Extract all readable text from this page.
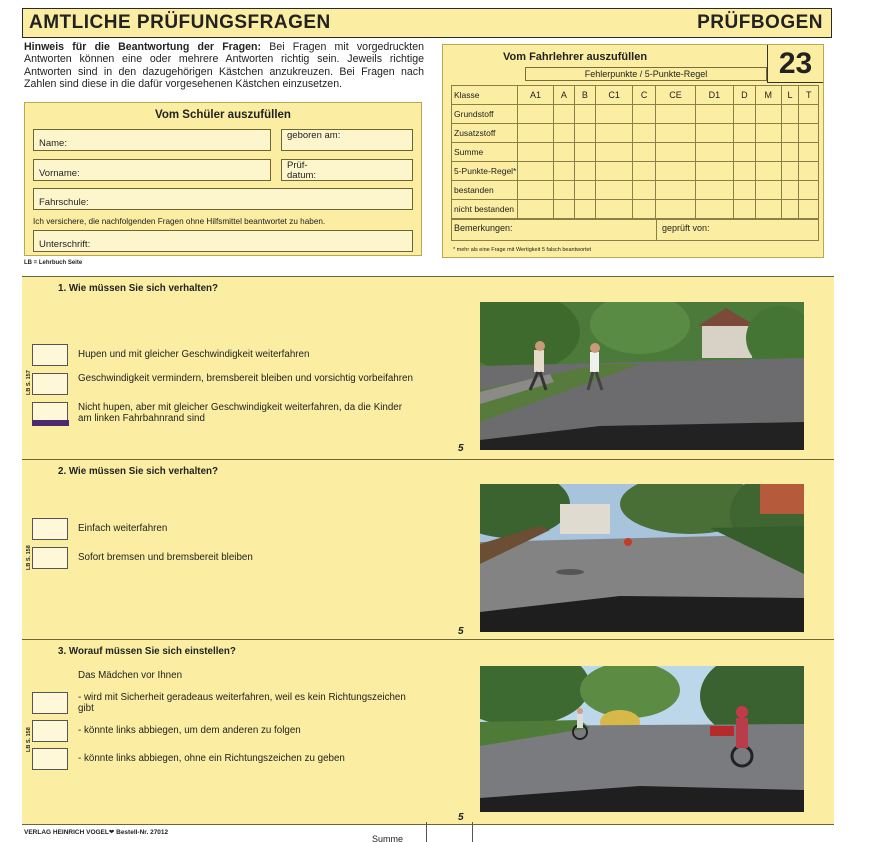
AMTLICHE PRÜFUNGSFRAGEN	PRÜFBOGEN
Hinweis für die Beantwortung der Fragen: Bei Fragen mit vorgedruckten Antworten können eine oder mehrere Antworten richtig sein. Jeweils richtige Antworten sind in den dazugehörigen Kästchen anzukreuzen. Bei Fragen nach Zahlen sind diese in die dafür vorgesehenen Kästchen einzusetzen.
Vom Schüler auszufüllen
Name:
geboren am:
Vorname:
Prüf- datum:
Fahrschule:
Ich versichere, die nachfolgenden Fragen ohne Hilfsmittel beantwortet zu haben.
Unterschrift:
LB = Lehrbuch Seite
Vom Fahrlehrer auszufüllen	23
Fehlerpunkte / 5-Punkte-Regel
Klasse	A1	A	B	C1	C	CE	D1	D	M	L	T
Grundstoff											
Zusatzstoff											
Summe											
5-Punkte-Regel*											
bestanden											
nicht bestanden											
Bemerkungen:	geprüft von:
* mehr als eine Frage mit Wertigkeit 5 falsch beantwortet
1. Wie müssen Sie sich verhalten?
LB S. 157
Hupen und mit gleicher Geschwindigkeit weiterfahren
Geschwindigkeit vermindern, bremsbereit bleiben und vorsichtig vorbeifahren
Nicht hupen, aber mit gleicher Geschwindigkeit weiterfahren, da die Kinder am linken Fahrbahnrand sind
5
2. Wie müssen Sie sich verhalten?
LB S. 158
Einfach weiterfahren
Sofort bremsen und bremsbereit bleiben
5
3. Worauf müssen Sie sich einstellen?
LB S. 158
Das Mädchen vor Ihnen
- wird mit Sicherheit geradeaus weiterfahren, weil es kein Richtungszeichen gibt
- könnte links abbiegen, um dem anderen zu folgen
- könnte links abbiegen, ohne ein Richtungszeichen zu geben
5
VERLAG HEINRICH VOGEL❤ Bestell-Nr. 27012
Summe
